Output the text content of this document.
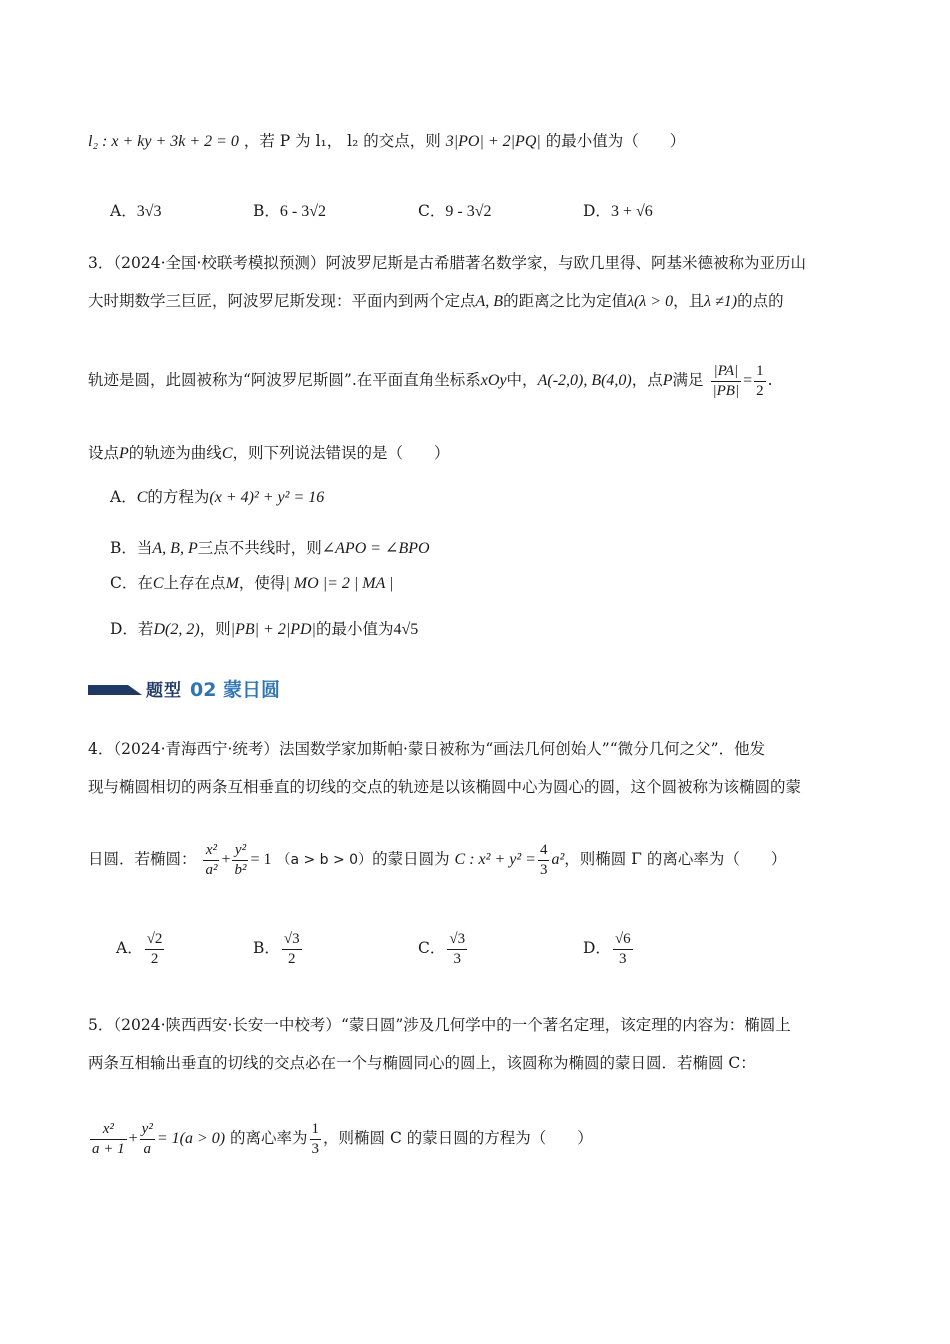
l₂ : x + ky + 3k + 2 = 0 ，若 P 为 l₁， l₂ 的交点，则 3|PO| + 2|PQ| 的最小值为（　　）
A．3√3	B．6 - 3√2	C．9 - 3√2	D．3 + √6
3．（2024·全国·校联考模拟预测）阿波罗尼斯是古希腊著名数学家，与欧几里得、阿基米德被称为亚历山
大时期数学三巨匠，阿波罗尼斯发现：平面内到两个定点A, B的距离之比为定值λ(λ > 0，且λ ≠1)的点的
轨迹是圆，此圆被称为“阿波罗尼斯圆”.在平面直角坐标系xOy中，A(-2,0), B(4,0)，点P满足 $\frac{|PA|}{|PB|} = \frac{1}{2}$ .
设点P的轨迹为曲线C，则下列说法错误的是（　　）
A．C的方程为(x + 4)² + y² = 16
B．当A, B, P三点不共线时，则∠APO = ∠BPO
C．在C上存在点M，使得| MO |= 2 | MA |
D．若D(2, 2)，则|PB| + 2|PD|的最小值为4√5
题型 02 蒙日圆
4．（2024·青海西宁·统考）法国数学家加斯帕·蒙日被称为“画法几何创始人”“微分几何之父”．他发
现与椭圆相切的两条互相垂直的切线的交点的轨迹是以该椭圆中心为圆心的圆，这个圆被称为该椭圆的蒙
日圆．若椭圆： $\frac{\text{x²}}{\text{a²}} + \frac{\text{y²}}{\text{b²}} = 1$ （a > b > 0）的蒙日圆为 C : $x^2 + y^2 = \frac{4}{3} a^2$，则椭圆 Γ 的离心率为（　　）
A． $\frac{√2}{2}$	B． $\frac{√3}{2}$	C． $\frac{√3}{3}$	D． $\frac{√6}{3}$
5．（2024·陕西西安·长安一中校考）“蒙日圆”涉及几何学中的一个著名定理，该定理的内容为：椭圆上
两条互相输出垂直的切线的交点必在一个与椭圆同心的圆上，该圆称为椭圆的蒙日圆．若椭圆 C：
$\frac{\text{x²}}{a + 1} + \frac{\text{y²}}{a} = 1(a > 0)$ 的离心率为 $\frac{1}{3}$ ，则椭圆 C 的蒙日圆的方程为（　　）
